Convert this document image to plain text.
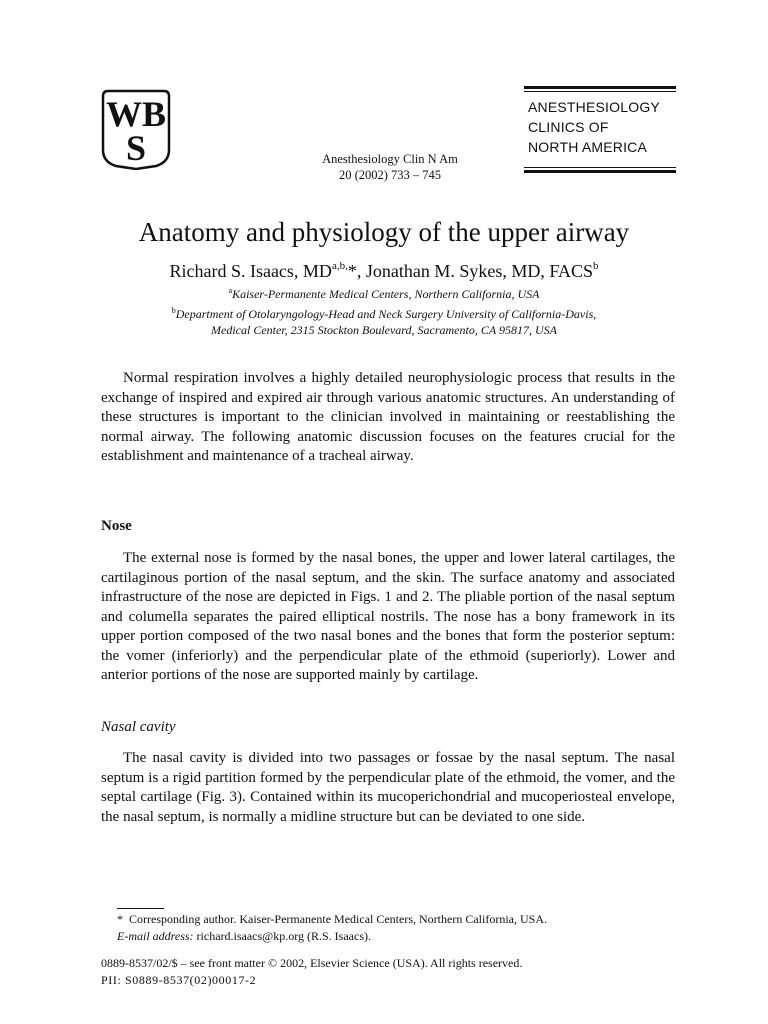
WB
S	Anesthesiology Clin N Am
20 (2002) 733 – 745
ANESTHESIOLOGY
CLINICS OF
NORTH AMERICA
Anatomy and physiology of the upper airway
Richard S. Isaacs, $MD^{a,b,}*$, Jonathan M. Sykes, MD, FACS$^b$
$^a$Kaiser-Permanente Medical Centers, Northern California, USA
$^b$Department of Otolaryngology-Head and Neck Surgery University of California-Davis,
Medical Center, 2315 Stockton Boulevard, Sacramento, CA 95817, USA

Normal respiration involves a highly detailed neurophysiologic process that results in the exchange of inspired and expired air through various anatomic structures. An understanding of these structures is important to the clinician involved in maintaining or reestablishing the normal airway. The following anatomic discussion focuses on the features crucial for the establishment and maintenance of a tracheal airway.

Nose

The external nose is formed by the nasal bones, the upper and lower lateral cartilages, the cartilaginous portion of the nasal septum, and the skin. The surface anatomy and associated infrastructure of the nose are depicted in Figs. 1 and 2. The pliable portion of the nasal septum and columella separates the paired elliptical nostrils. The nose has a bony framework in its upper portion composed of the two nasal bones and the bones that form the posterior septum: the vomer (inferiorly) and the perpendicular plate of the ethmoid (superiorly). Lower and anterior portions of the nose are supported mainly by cartilage.

Nasal cavity

The nasal cavity is divided into two passages or fossae by the nasal septum. The nasal septum is a rigid partition formed by the perpendicular plate of the ethmoid, the vomer, and the septal cartilage (Fig. 3). Contained within its mucoperichondrial and mucoperiosteal envelope, the nasal septum, is normally a midline structure but can be deviated to one side.

* Corresponding author. Kaiser-Permanente Medical Centers, Northern California, USA.
E-mail address: richard.isaacs@kp.org (R.S. Isaacs).
0889-8537/02/$ – see front matter © 2002, Elsevier Science (USA). All rights reserved.
PII: S0889-8537(02)00017-2
